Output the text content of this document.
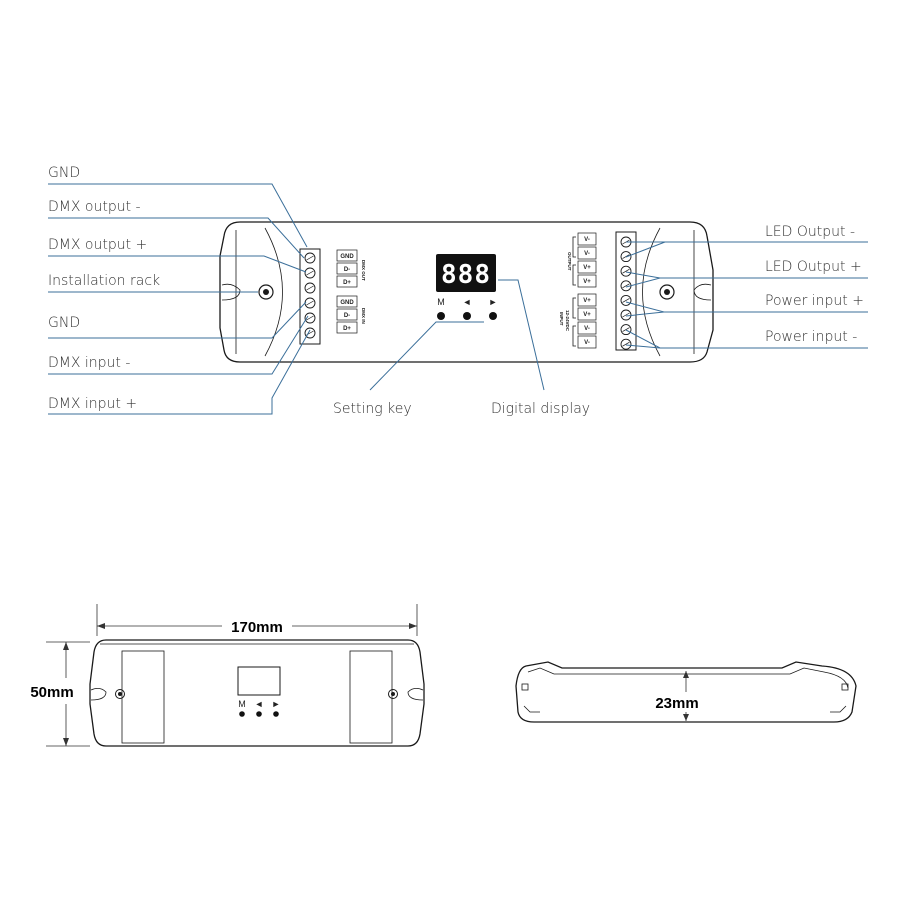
GND
D-
D+
DMX OUT
GND
D-
D+
DMX IN
888
M ◄ ►
V-
V-
V+
V+
OUTPUT
V+
V+
V-
V-
INPUT 12-24VDC
GND
DMX output -
DMX output +
Installation rack
GND
DMX input -
DMX input +
LED Output -
LED Output +
Power input +
Power input -
Setting key	Digital display
170mm
50mm
M ◄ ►	23mm
